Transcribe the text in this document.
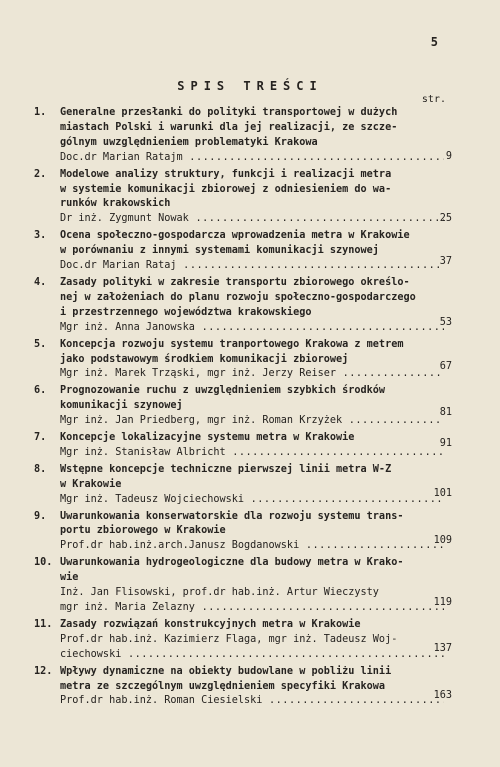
5
SPIS TREŚCI
str.
1.	Generalne przesłanki do polityki transportowej w dużych
miastach Polski i warunki dla jej realizacji, ze szcze-
gólnym uwzględnieniem problematyki Krakowa
Doc.dr Marian Ratajm .....	9
2.	Modelowe analizy struktury, funkcji i realizacji metra
w systemie komunikacji zbiorowej z odniesieniem do wa-
runków krakowskich
Dr inż. Zygmunt Nowak .....	25
3.	Ocena społeczno-gospodarcza wprowadzenia metra w Krakowie
w porównaniu z innymi systemami komunikacji szynowej
Doc.dr Marian Rataj .....	37
4.	Zasady polityki w zakresie transportu zbiorowego określo-
nej w założeniach do planu rozwoju społeczno-gospodarczego
i przestrzennego województwa krakowskiego
Mgr inż. Anna Janowska .....	53
5.	Koncepcja rozwoju systemu tranportowego Krakowa z metrem
jako podstawowym środkiem komunikacji zbiorowej
Mgr inż. Marek Trząski, mgr inż. Jerzy Reiser .....
67
6.	Prognozowanie ruchu z uwzględnieniem szybkich środków
komunikacji szynowej
Mgr inż. Jan Priedberg, mgr inż. Roman Krzyżek .....
81
7.	Koncepcje lokalizacyjne systemu metra w Krakowie
Mgr inż. Stanisław Albricht .....
91
8.	Wstępne koncepcje techniczne pierwszej linii metra W-Z
w Krakowie
Mgr inż. Tadeusz Wojciechowski .....
101
9.	Uwarunkowania konserwatorskie dla rozwoju systemu trans-
portu zbiorowego w Krakowie
Prof.dr hab.inż.arch.Janusz Bogdanowski .....
109
10. Uwarunkowania hydrogeologiczne dla budowy metra w Krako-
wie
Inż. Jan Flisowski, prof.dr hab.inż. Artur Wieczysty
mgr inż. Maria Żelazny .....	119
11. Zasady rozwiązań konstrukcyjnych metra w Krakowie
Prof.dr hab.inż. Kazimierz Flaga, mgr inż. Tadeusz Woj-
ciechowski .....
137
12. Wpływy dynamiczne na obiekty budowlane w pobliżu linii
metra ze szczególnym uwzględnieniem specyfiki Krakowa
Prof.dr hab.inż. Roman Ciesielski .....
163
